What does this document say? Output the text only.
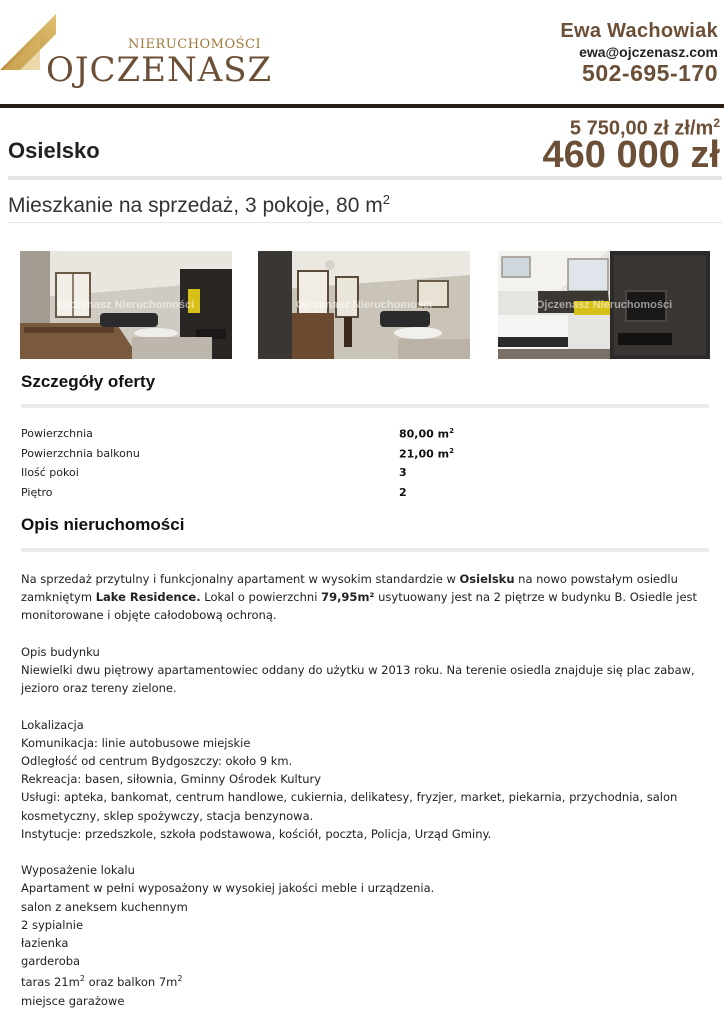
NIERUCHOMOŚCI
OJCZENASZ
Ewa Wachowiak
ewa@ojczenasz.com
502-695-170
Osielsko
5 750,00 zł $zł/m^2$
460 000 zł
Mieszkanie na sprzedaż, 3 pokoje, 80 $m^2$
Ojczenasz Nieruchomości	Ojczenasz Nieruchomości	Ojczenasz Nieruchomości
Szczegóły oferty
Powierzchnia	80,00 $m^2$
Powierzchnia balkonu	21,00 $m^2$
Ilość pokoi	3
Piętro	2
Opis nieruchomości

Na sprzedaż przytulny i funkcjonalny apartament w wysokim standardzie w Osielsku na nowo powstałym osiedlu zamkniętym Lake Residence. Lokal o powierzchni 79,95m² usytuowany jest na 2 piętrze w budynku B. Osiedle jest monitorowane i objęte całodobową ochroną.

Opis budynku

Niewielki dwu piętrowy apartamentowiec oddany do użytku w 2013 roku. Na terenie osiedla znajduje się plac zabaw, jezioro oraz tereny zielone.

Lokalizacja

Komunikacja: linie autobusowe miejskie

Odległość od centrum Bydgoszczy: około 9 km.

Rekreacja: basen, siłownia, Gminny Ośrodek Kultury

Usługi: apteka, bankomat, centrum handlowe, cukiernia, delikatesy, fryzjer, market, piekarnia, przychodnia, salon kosmetyczny, sklep spożywczy, stacja benzynowa.

Instytucje: przedszkole, szkoła podstawowa, kościół, poczta, Policja, Urząd Gminy.

Wyposażenie lokalu

Apartament w pełni wyposażony w wysokiej jakości meble i urządzenia.

salon z aneksem kuchennym

2 sypialnie

łazienka

garderoba

taras $21m^2$ oraz balkon $7m^2$

miejsce garażowe
